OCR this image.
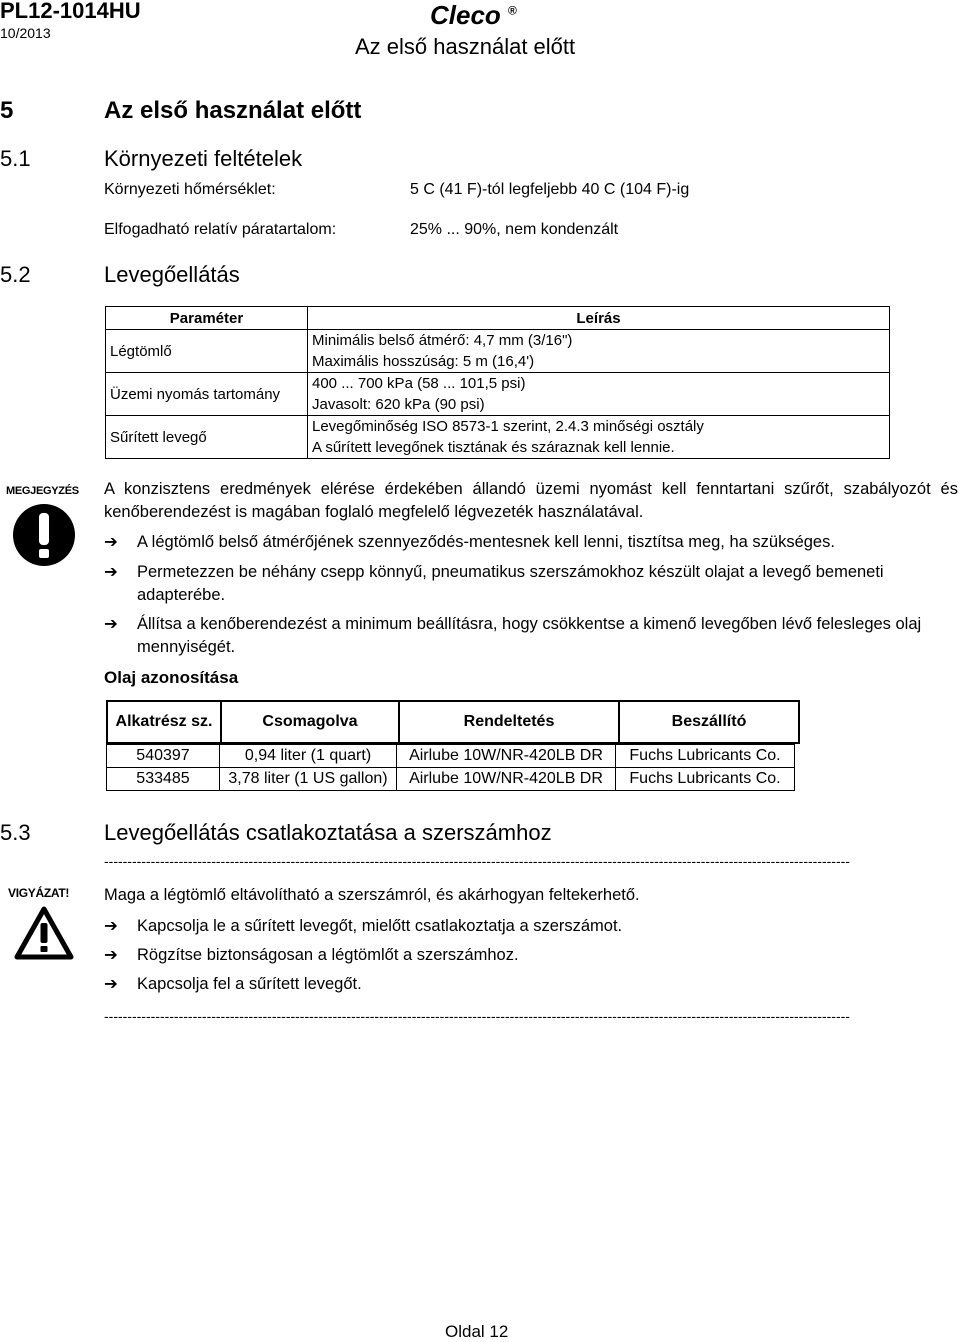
PL12-1014HU
10/2013
Cleco ®
Az első használat előtt
5	Az első használat előtt
5.1	Környezeti feltételek
Környezeti hőmérséklet:	5 C (41 F)-tól legfeljebb 40 C (104 F)-ig
Elfogadható relatív páratartalom:	25% ... 90%, nem kondenzált
5.2	Levegőellátás
Paraméter	Leírás
Légtömlő	Minimális belső átmérő: 4,7 mm (3/16")
Maximális hosszúság: 5 m (16,4')

Üzemi nyomás tartomány	400 ... 700 kPa (58 ... 101,5 psi)
Javasolt: 620 kPa (90 psi)

Sűrített levegő	Levegőminőség ISO 8573-1 szerint, 2.4.3 minőségi osztály
A sűrített levegőnek tisztának és száraznak kell lennie.
MEGJEGYZÉS	A konzisztens eredmények elérése érdekében állandó üzemi nyomást kell fenntartani szűrőt, szabályozót és kenőberendezést is magában foglaló megfelelő légvezeték használatával.
➔	A légtömlő belső átmérőjének szennyeződés-mentesnek kell lenni, tisztítsa meg, ha szükséges.
➔	Permetezzen be néhány csepp könnyű, pneumatikus szerszámokhoz készült olajat a levegő bemeneti adapterébe.
➔	Állítsa a kenőberendezést a minimum beállításra, hogy csökkentse a kimenő levegőben lévő felesleges olaj mennyiségét.
Olaj azonosítása
Alkatrész sz.	Csomagolva	Rendeltetés	Beszállító
540397	0,94 liter (1 quart)	Airlube 10W/NR-420LB DR	Fuchs Lubricants Co.
533485	3,78 liter (1 US gallon)	Airlube 10W/NR-420LB DR	Fuchs Lubricants Co.
5.3	Levegőellátás csatlakoztatása a szerszámhoz
----------------------------------------------------------------------------------------------------------------------------------------------------------------
VIGYÁZAT!	Maga a légtömlő eltávolítható a szerszámról, és akárhogyan feltekerhető.
➔	Kapcsolja le a sűrített levegőt, mielőtt csatlakoztatja a szerszámot.
➔	Rögzítse biztonságosan a légtömlőt a szerszámhoz.
➔	Kapcsolja fel a sűrített levegőt.
----------------------------------------------------------------------------------------------------------------------------------------------------------------
Oldal 12
